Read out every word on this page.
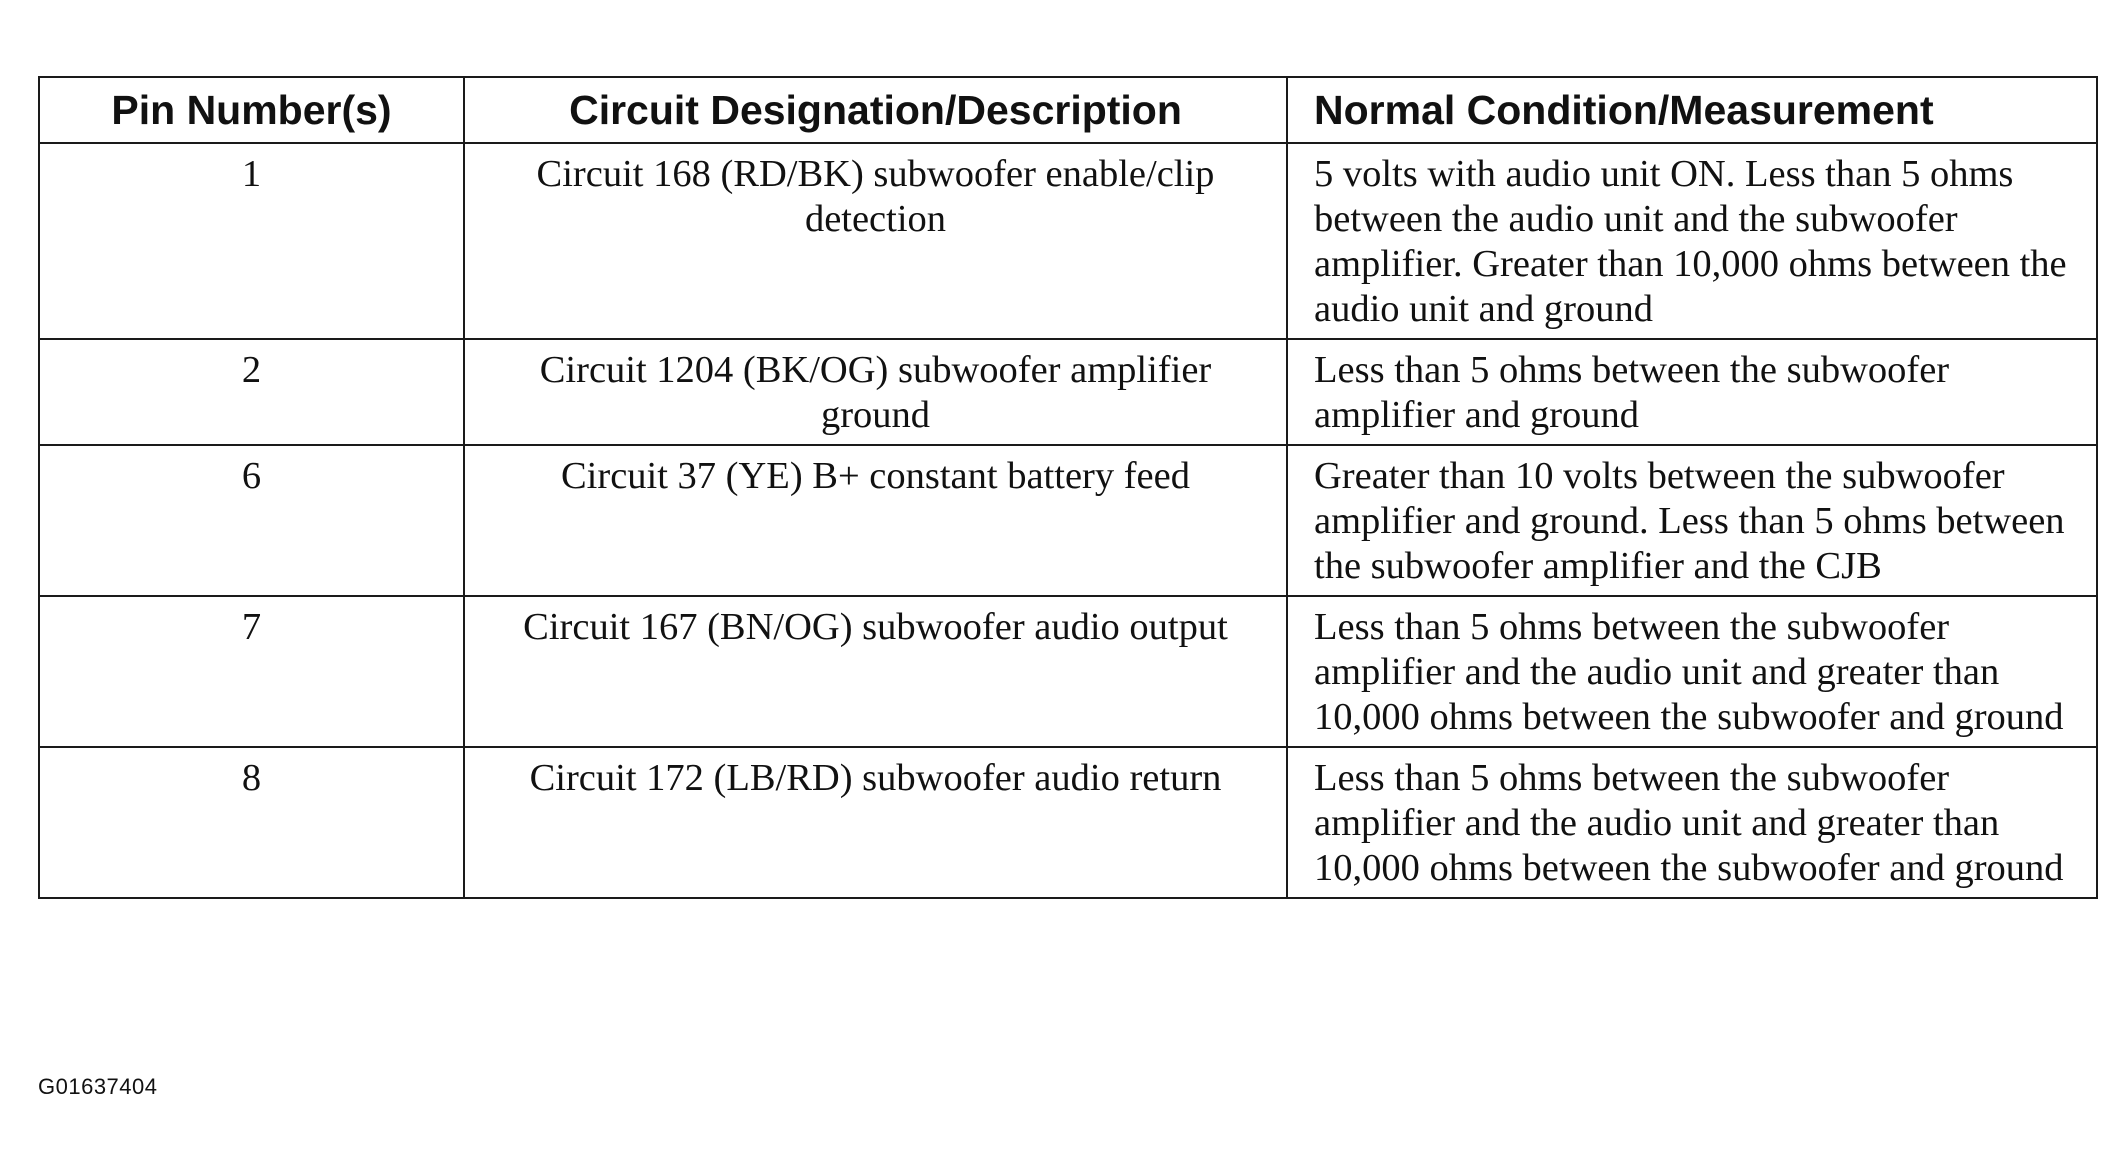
Pin Number(s)	Circuit Designation/Description	Normal Condition/Measurement
1	Circuit 168 (RD/BK) subwoofer enable/clip detection	5 volts with audio unit ON. Less than 5 ohms between the audio unit and the subwoofer amplifier. Greater than 10,000 ohms between the audio unit and ground
2	Circuit 1204 (BK/OG) subwoofer amplifier ground	Less than 5 ohms between the subwoofer amplifier and ground
6	Circuit 37 (YE) B+ constant battery feed	Greater than 10 volts between the subwoofer amplifier and ground. Less than 5 ohms between the subwoofer amplifier and the CJB
7	Circuit 167 (BN/OG) subwoofer audio output	Less than 5 ohms between the subwoofer amplifier and the audio unit and greater than 10,000 ohms between the subwoofer and ground
8	Circuit 172 (LB/RD) subwoofer audio return	Less than 5 ohms between the subwoofer amplifier and the audio unit and greater than 10,000 ohms between the subwoofer and ground
G01637404
